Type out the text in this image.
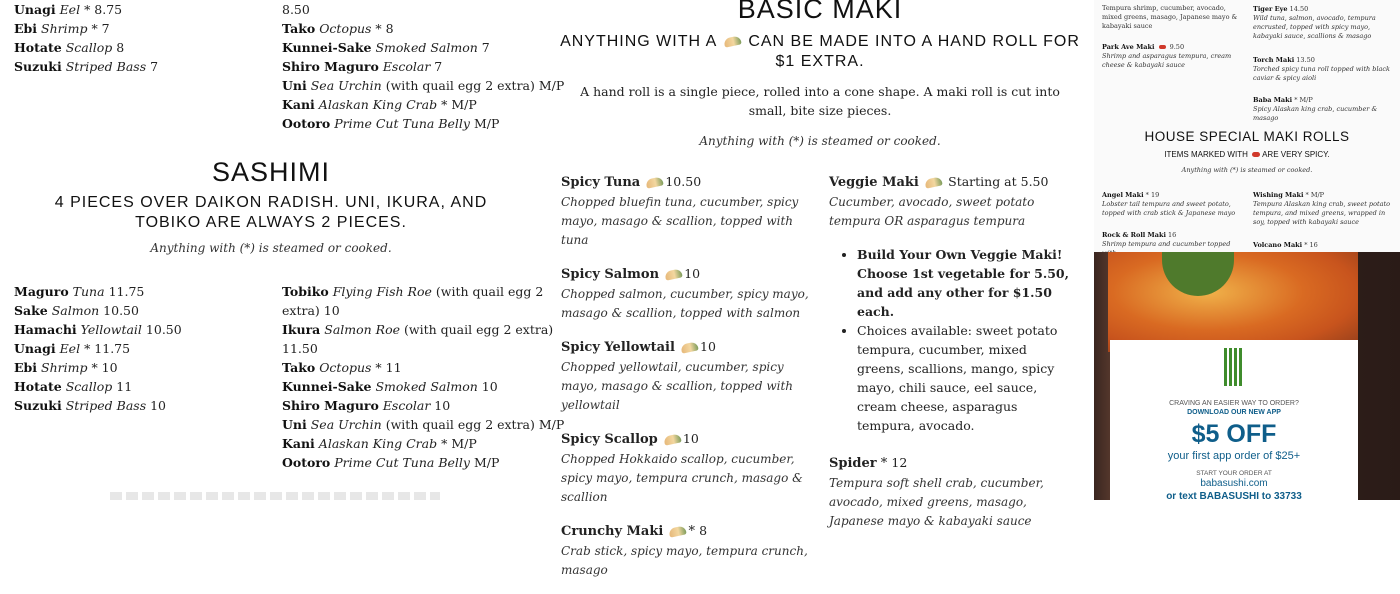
Unagi Eel * 8.75
Ebi Shrimp * 7
Hotate Scallop 8
Suzuki Striped Bass 7
8.50
Tako Octopus * 8
Kunnei-Sake Smoked Salmon 7
Shiro Maguro Escolar 7
Uni Sea Urchin (with quail egg 2 extra) M/P
Kani Alaskan King Crab * M/P
Ootoro Prime Cut Tuna Belly M/P
SASHIMI
4 PIECES OVER DAIKON RADISH. UNI, IKURA, AND TOBIKO ARE ALWAYS 2 PIECES.
Anything with (*) is steamed or cooked.
Maguro Tuna 11.75
Sake Salmon 10.50
Hamachi Yellowtail 10.50
Unagi Eel * 11.75
Ebi Shrimp * 10
Hotate Scallop 11
Suzuki Striped Bass 10
Tobiko Flying Fish Roe (with quail egg 2
extra) 10
Ikura Salmon Roe (with quail egg 2 extra)
11.50
Tako Octopus * 11
Kunnei-Sake Smoked Salmon 10
Shiro Maguro Escolar 10
Uni Sea Urchin (with quail egg 2 extra) M/P
Kani Alaskan King Crab * M/P
Ootoro Prime Cut Tuna Belly M/P
BASIC MAKI
ANYTHING WITH A CAN BE MADE INTO A HAND ROLL FOR $1 EXTRA.
A hand roll is a single piece, rolled into a cone shape. A maki roll is cut into small, bite size pieces.
Anything with (*) is steamed or cooked.
Spicy Tuna 10.50
Chopped bluefin tuna, cucumber, spicy mayo, masago & scallion, topped with tuna
Spicy Salmon 10
Chopped salmon, cucumber, spicy mayo, masago & scallion, topped with salmon
Spicy Yellowtail 10
Chopped yellowtail, cucumber, spicy mayo, masago & scallion, topped with yellowtail
Spicy Scallop 10
Chopped Hokkaido scallop, cucumber, spicy mayo, tempura crunch, masago & scallion
Crunchy Maki * 8
Crab stick, spicy mayo, tempura crunch, masago
Veggie Maki Starting at 5.50
Cucumber, avocado, sweet potato tempura OR asparagus tempura
• Build Your Own Veggie Maki! Choose 1st vegetable for 5.50, and add any other for $1.50 each.
• Choices available: sweet potato tempura, cucumber, mixed greens, scallions, mango, spicy mayo, chili sauce, eel sauce, cream cheese, asparagus tempura, avocado.
Spider * 12
Tempura soft shell crab, cucumber, avocado, mixed greens, masago, Japanese mayo & kabayaki sauce
Tempura shrimp, cucumber, avocado, mixed greens, masago, Japanese mayo & kabayaki sauce
Park Ave Maki 9.50
Shrimp and asparagus tempura, cream cheese & kabayaki sauce
Tiger Eye 14.50
Wild tuna, salmon, avocado, tempura encrusted, topped with spicy mayo, kabayaki sauce, scallions & masago
Torch Maki 13.50
Torched spicy tuna roll topped with black caviar & spicy aioli
Baba Maki * M/P
Spicy Alaskan king crab, cucumber & masago
HOUSE SPECIAL MAKI ROLLS
ITEMS MARKED WITH ARE VERY SPICY.
Anything with (*) is steamed or cooked.
Angel Maki * 19
Lobster tail tempura and sweet potato, topped with crab stick & Japanese mayo
Rock & Roll Maki 16
Shrimp tempura and cucumber topped
Wishing Maki * M/P
Tempura Alaskan king crab, sweet potato tempura, and mixed greens, wrapped in soy, topped with kabayaki sauce
Volcano Maki * 16
CRAVING AN EASIER WAY TO ORDER?
DOWNLOAD OUR NEW APP
$5 OFF
your first app order of $25+
START YOUR ORDER AT
babasushi.com
or text BABASUSHI to 33733
